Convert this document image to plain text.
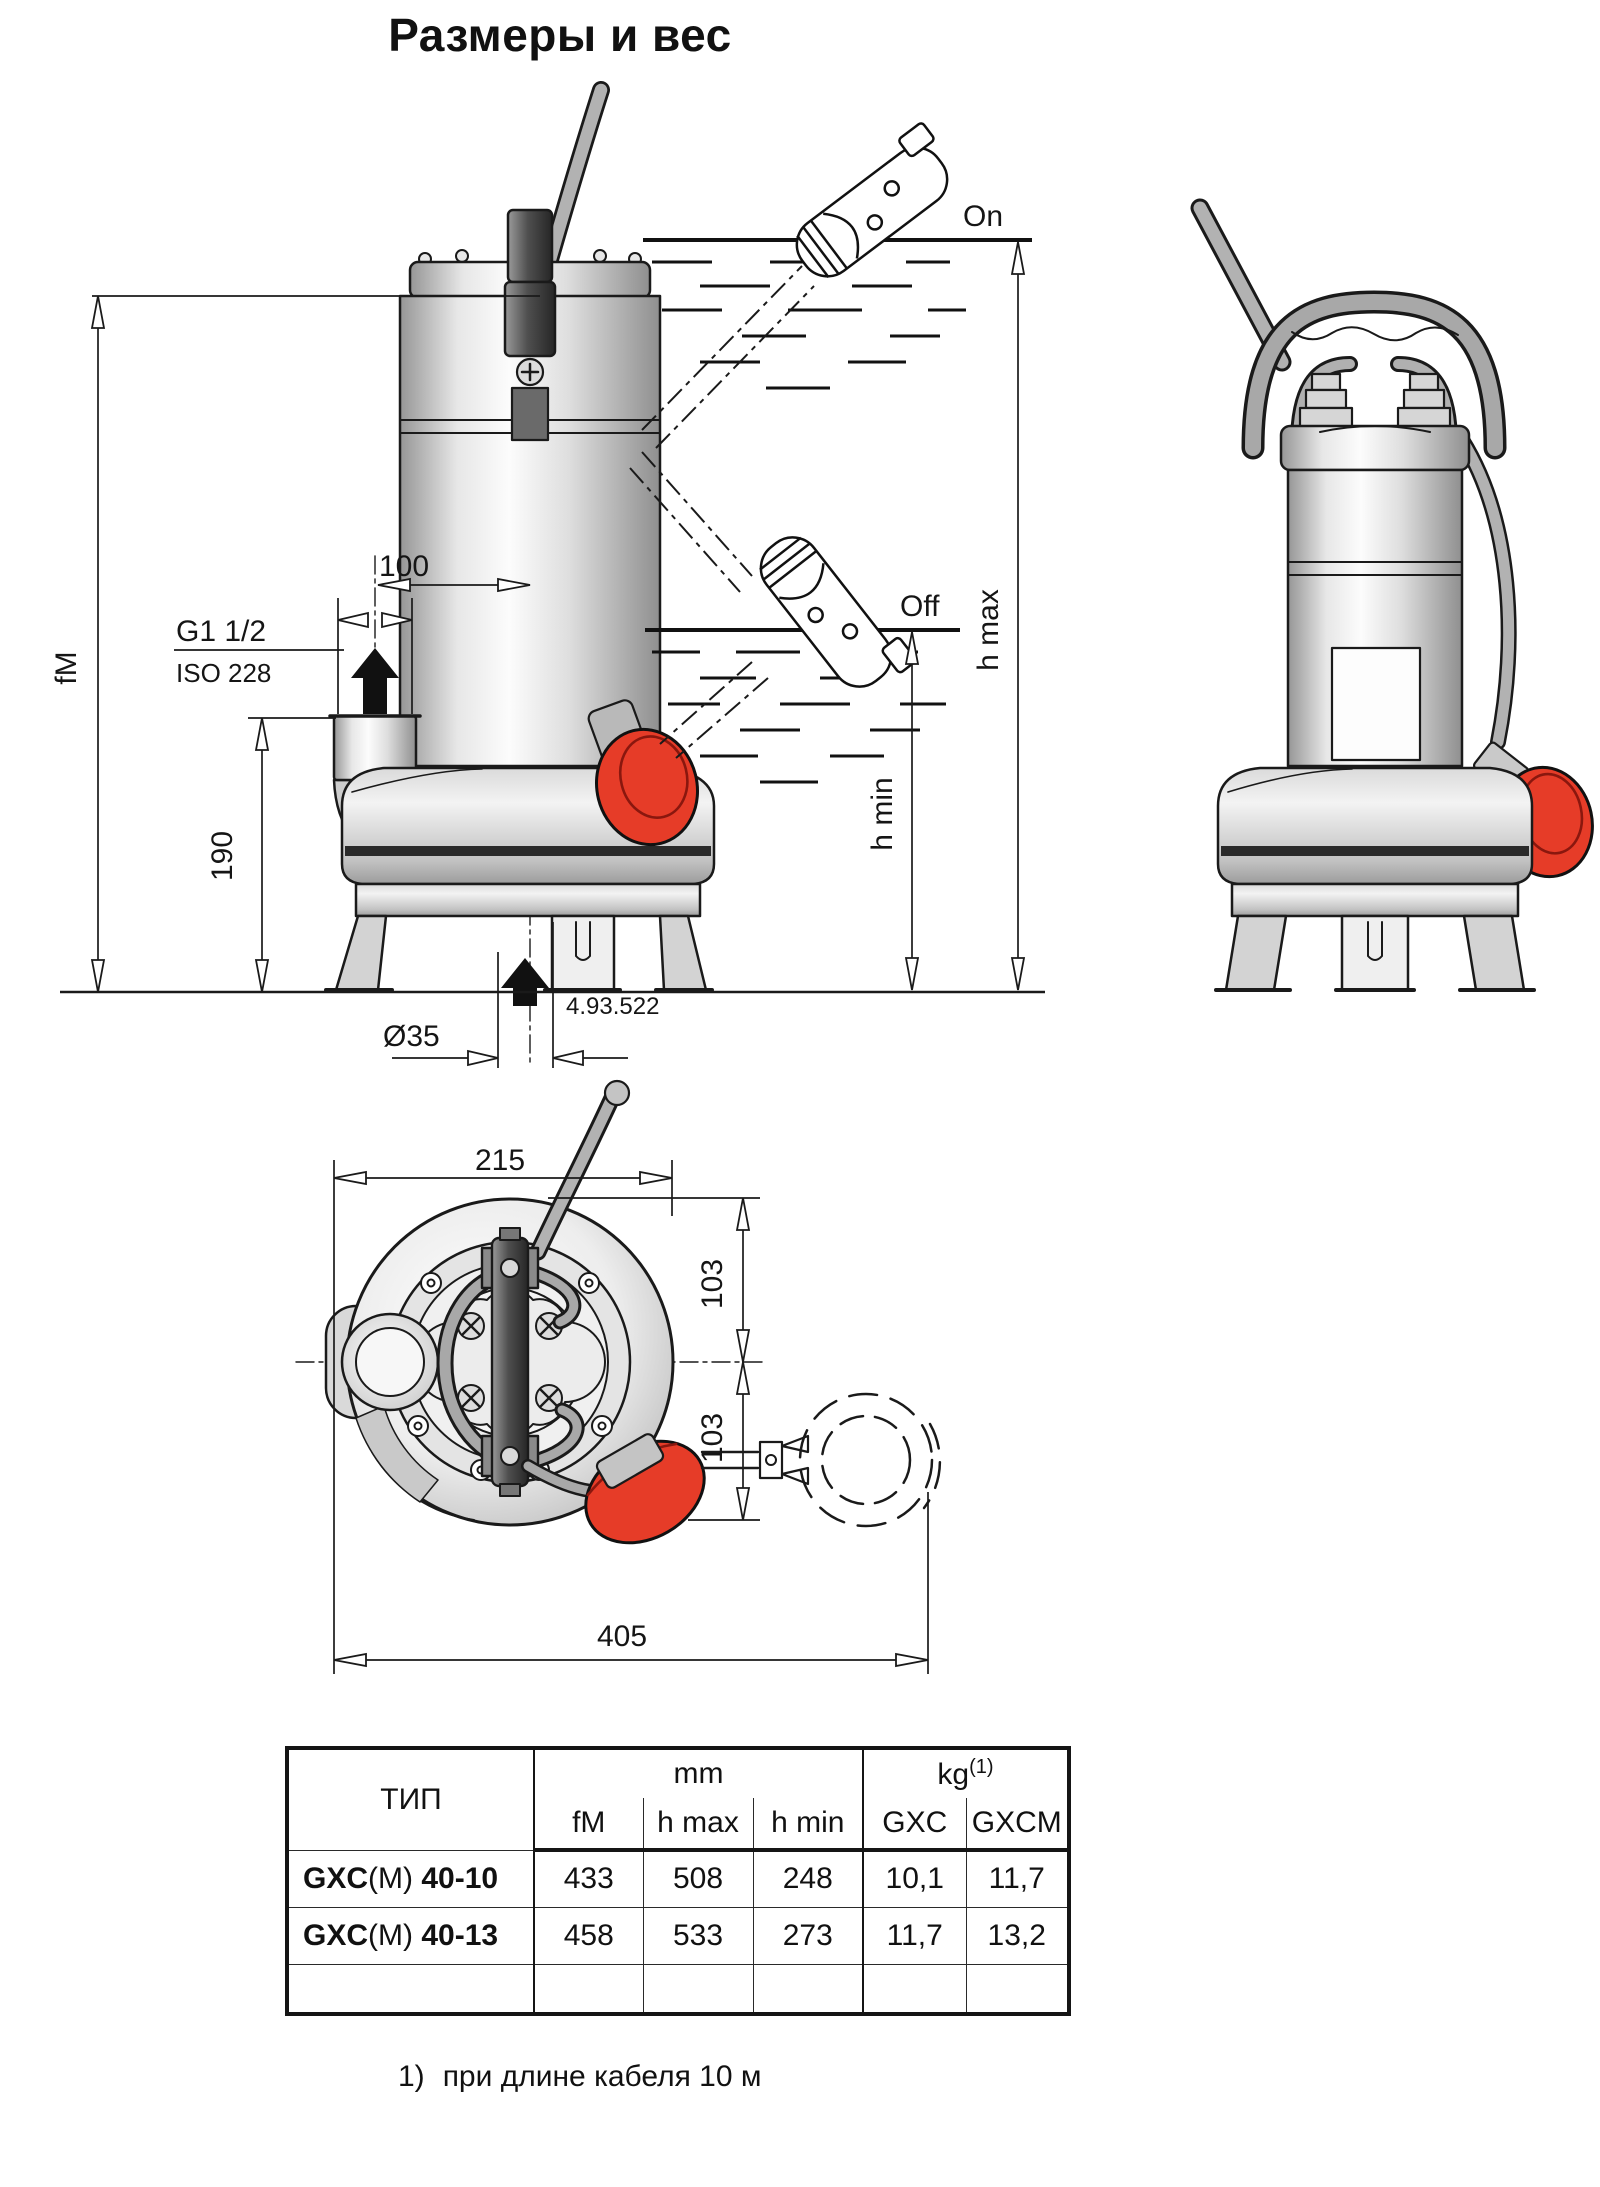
Размеры и вес
On
Off
fM
100
G1 1/2
ISO 228
190
Ø35
4.93.522
h max
h min
215
103
103
405
ТИП	mm			$kg^{(1)}$
	fM	h max	h min	GXC	GXCM
GXC(M) 40-10	433	508	248	10,1	11,7
GXC(M) 40-13	458	533	273	11,7	13,2

1) при длине кабеля 10 м
